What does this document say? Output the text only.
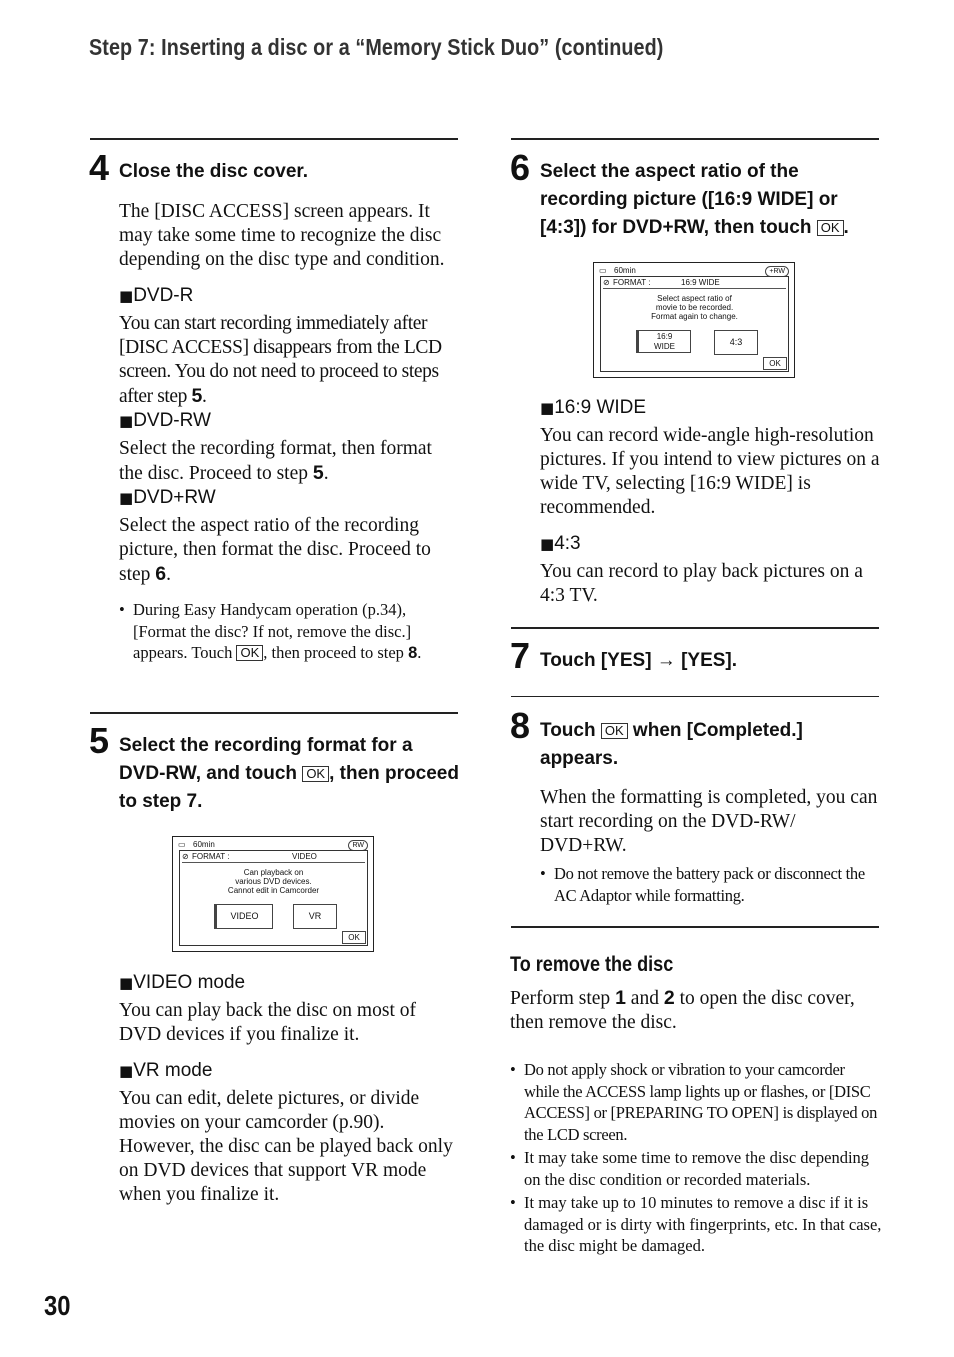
Step 7: Inserting a disc or a “Memory Stick Duo” (continued)
4 Close the disc cover.
The [DISC ACCESS] screen appears. It may take some time to recognize the disc depending on the disc type and condition.
■DVD-R
You can start recording immediately after [DISC ACCESS] disappears from the LCD screen. You do not need to proceed to steps after step 5.
■DVD-RW
Select the recording format, then format the disc. Proceed to step 5.
■DVD+RW
Select the aspect ratio of the recording picture, then format the disc. Proceed to step 6.
• During Easy Handycam operation (p.34), [Format the disc? If not, remove the disc.] appears. Touch OK , then proceed to step 8.
5 Select the recording format for a DVD-RW, and touch OK , then proceed to step 7.
▭ 60min	RW
⊘ FORMAT :	VIDEO
Can playback on
various DVD devices.
Cannot edit in Camcorder
VIDEO	VR
OK
■VIDEO mode
You can play back the disc on most of DVD devices if you finalize it.
■VR mode
You can edit, delete pictures, or divide movies on your camcorder (p.90). However, the disc can be played back only on DVD devices that support VR mode when you finalize it.
6 Select the aspect ratio of the recording picture ([16:9 WIDE] or [4:3]) for DVD+RW, then touch OK .
▭ 60min	+RW
⊘ FORMAT :	16:9 WIDE
Select aspect ratio of
movie to be recorded.
Format again to change.
16:9
WIDE	4:3
OK
■16:9 WIDE
You can record wide-angle high-resolution pictures. If you intend to view pictures on a wide TV, selecting [16:9 WIDE] is recommended.
■4:3
You can record to play back pictures on a 4:3 TV.
7 Touch [YES] → [YES].
8 Touch OK when [Completed.] appears.
When the formatting is completed, you can start recording on the DVD-RW/ DVD+RW.
• Do not remove the battery pack or disconnect the AC Adaptor while formatting.
To remove the disc
Perform step 1 and 2 to open the disc cover, then remove the disc.
• Do not apply shock or vibration to your camcorder while the ACCESS lamp lights up or flashes, or [DISC ACCESS] or [PREPARING TO OPEN] is displayed on the LCD screen.
• It may take some time to remove the disc depending on the disc condition or recorded materials.
• It may take up to 10 minutes to remove a disc if it is damaged or is dirty with fingerprints, etc. In that case, the disc might be damaged.
30
